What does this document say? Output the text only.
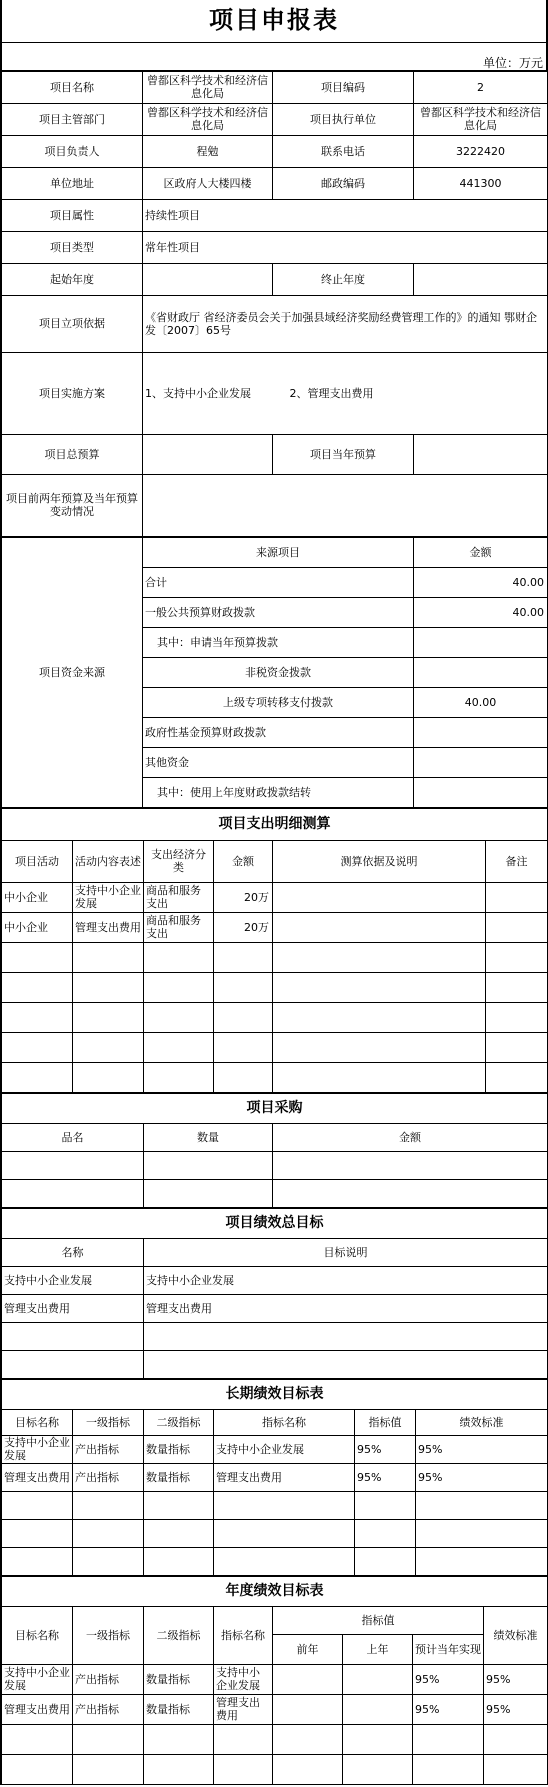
项目申报表
单位：万元
项目名称	曾都区科学技术和经济信息化局	项目编码	2
项目主管部门	曾都区科学技术和经济信息化局	项目执行单位	曾都区科学技术和经济信息化局
项目负责人	程勉	联系电话	3222420
单位地址	区政府人大楼四楼	邮政编码	441300
项目属性	持续性项目		
项目类型	常年性项目		
起始年度		终止年度	
项目立项依据	《省财政厅 省经济委员会关于加强县域经济奖励经费管理工作的》的通知 鄂财企发〔2007〕65号		
项目实施方案	1、支持中小企业发展           2、管理支出费用		
项目总预算		项目当年预算	
项目前两年预算及当年预算变动情况			
项目资金来源	来源项目	金额
	合计	40.00
	一般公共预算财政拨款	40.00
	其中：申请当年预算拨款	
	非税资金拨款	
	上级专项转移支付拨款	40.00
	政府性基金预算财政拨款	
	其他资金	
	其中：使用上年度财政拨款结转	
项目支出明细测算					
项目活动	活动内容表述	支出经济分类	金额	测算依据及说明	备注
中小企业	支持中小企业发展	商品和服务支出	20万		
中小企业	管理支出费用	商品和服务支出	20万		

项目采购		
品名	数量	金额

项目绩效总目标	
名称	目标说明
支持中小企业发展	支持中小企业发展
管理支出费用	管理支出费用

长期绩效目标表					
目标名称	一级指标	二级指标	指标名称	指标值	绩效标准
支持中小企业发展	产出指标	数量指标	支持中小企业发展	95%	95%
管理支出费用	产出指标	数量指标	管理支出费用	95%	95%

年度绩效目标表							
目标名称	一级指标	二级指标	指标名称	指标值			绩效标准
				前年	上年	预计当年实现	
支持中小企业发展	产出指标	数量指标	支持中小企业发展			95%	95%
管理支出费用	产出指标	数量指标	管理支出费用			95%	95%
